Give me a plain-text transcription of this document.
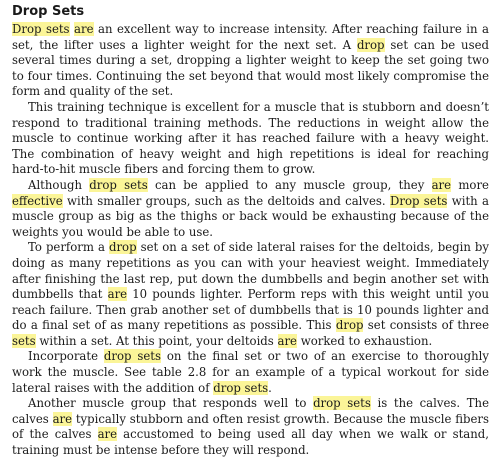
Drop Sets

Drop sets are an excellent way to increase intensity. After reaching failure in a set, the lifter uses a lighter weight for the next set. A drop set can be used several times during a set, dropping a lighter weight to keep the set going two to four times. Continuing the set beyond that would most likely compromise the form and quality of the set.

This training technique is excellent for a muscle that is stubborn and doesn’t respond to traditional training methods. The reductions in weight allow the muscle to continue working after it has reached failure with a heavy weight. The combination of heavy weight and high repetitions is ideal for reaching hard-to-hit muscle fibers and forcing them to grow.

Although drop sets can be applied to any muscle group, they are more effective with smaller groups, such as the deltoids and calves. Drop sets with a muscle group as big as the thighs or back would be exhausting because of the weights you would be able to use.

To perform a drop set on a set of side lateral raises for the deltoids, begin by doing as many repetitions as you can with your heaviest weight. Immediately after finishing the last rep, put down the dumbbells and begin another set with dumbbells that are 10 pounds lighter. Perform reps with this weight until you reach failure. Then grab another set of dumbbells that is 10 pounds lighter and do a final set of as many repetitions as possible. This drop set consists of three sets within a set. At this point, your deltoids are worked to exhaustion.

Incorporate drop sets on the final set or two of an exercise to thoroughly work the muscle. See table 2.8 for an example of a typical workout for side lateral raises with the addition of drop sets.

Another muscle group that responds well to drop sets is the calves. The calves are typically stubborn and often resist growth. Because the muscle fibers of the calves are accustomed to being used all day when we walk or stand, training must be intense before they will respond.
